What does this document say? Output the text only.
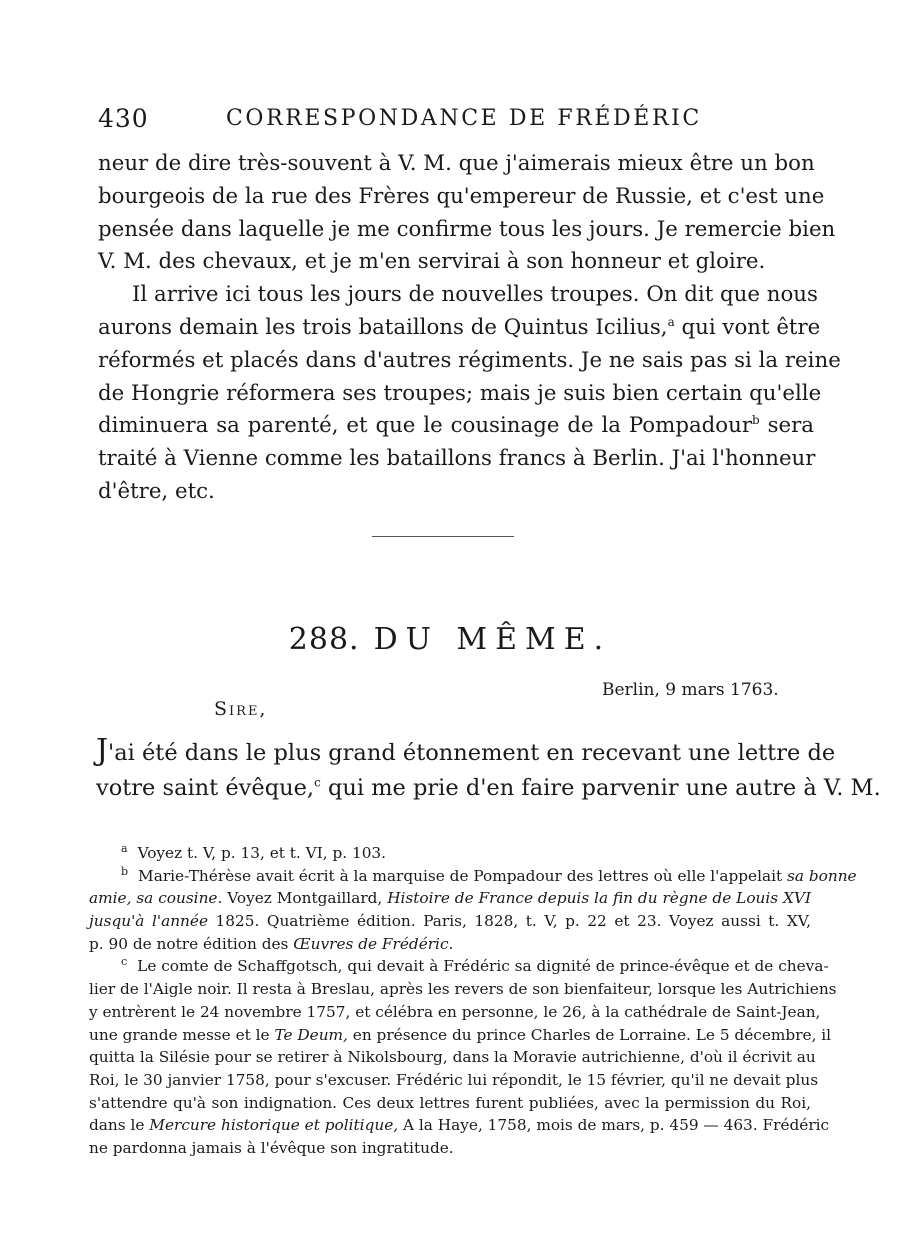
430	CORRESPONDANCE DE FRÉDÉRIC
neur de dire très-souvent à V. M. que j'aimerais mieux être un bon
bourgeois de la rue des Frères qu'empereur de Russie, et c'est une
pensée dans laquelle je me confirme tous les jours. Je remercie bien
V. M. des chevaux, et je m'en servirai à son honneur et gloire.
Il arrive ici tous les jours de nouvelles troupes. On dit que nous
aurons demain les trois bataillons de Quintus Icilius,$^a$ qui vont être
réformés et placés dans d'autres régiments. Je ne sais pas si la reine
de Hongrie réformera ses troupes; mais je suis bien certain qu'elle
diminuera sa parenté, et que le cousinage de la Pompadour$^b$ sera
traité à Vienne comme les bataillons francs à Berlin. J'ai l'honneur
d'être, etc.
288. DU MÊME.
Berlin, 9 mars 1763.
Sire,
J'ai été dans le plus grand étonnement en recevant une lettre de
votre saint évêque,$^c$ qui me prie d'en faire parvenir une autre à V. M.
$^a$ Voyez t. V, p. 13, et t. VI, p. 103.
$^b$ Marie-Thérèse avait écrit à la marquise de Pompadour des lettres où elle l'appelait sa bonne
amie, sa cousine. Voyez Montgaillard, Histoire de France depuis la fin du règne de Louis XVI
jusqu'à l'année 1825. Quatrième édition. Paris, 1828, t. V, p. 22 et 23. Voyez aussi t. XV,
p. 90 de notre édition des Œuvres de Frédéric.
$^c$ Le comte de Schaffgotsch, qui devait à Frédéric sa dignité de prince-évêque et de cheva-
lier de l'Aigle noir. Il resta à Breslau, après les revers de son bienfaiteur, lorsque les Autrichiens
y entrèrent le 24 novembre 1757, et célébra en personne, le 26, à la cathédrale de Saint-Jean,
une grande messe et le Te Deum, en présence du prince Charles de Lorraine. Le 5 décembre, il
quitta la Silésie pour se retirer à Nikolsbourg, dans la Moravie autrichienne, d'où il écrivit au
Roi, le 30 janvier 1758, pour s'excuser. Frédéric lui répondit, le 15 février, qu'il ne devait plus
s'attendre qu'à son indignation. Ces deux lettres furent publiées, avec la permission du Roi,
dans le Mercure historique et politique, A la Haye, 1758, mois de mars, p. 459 — 463. Frédéric
ne pardonna jamais à l'évêque son ingratitude.
